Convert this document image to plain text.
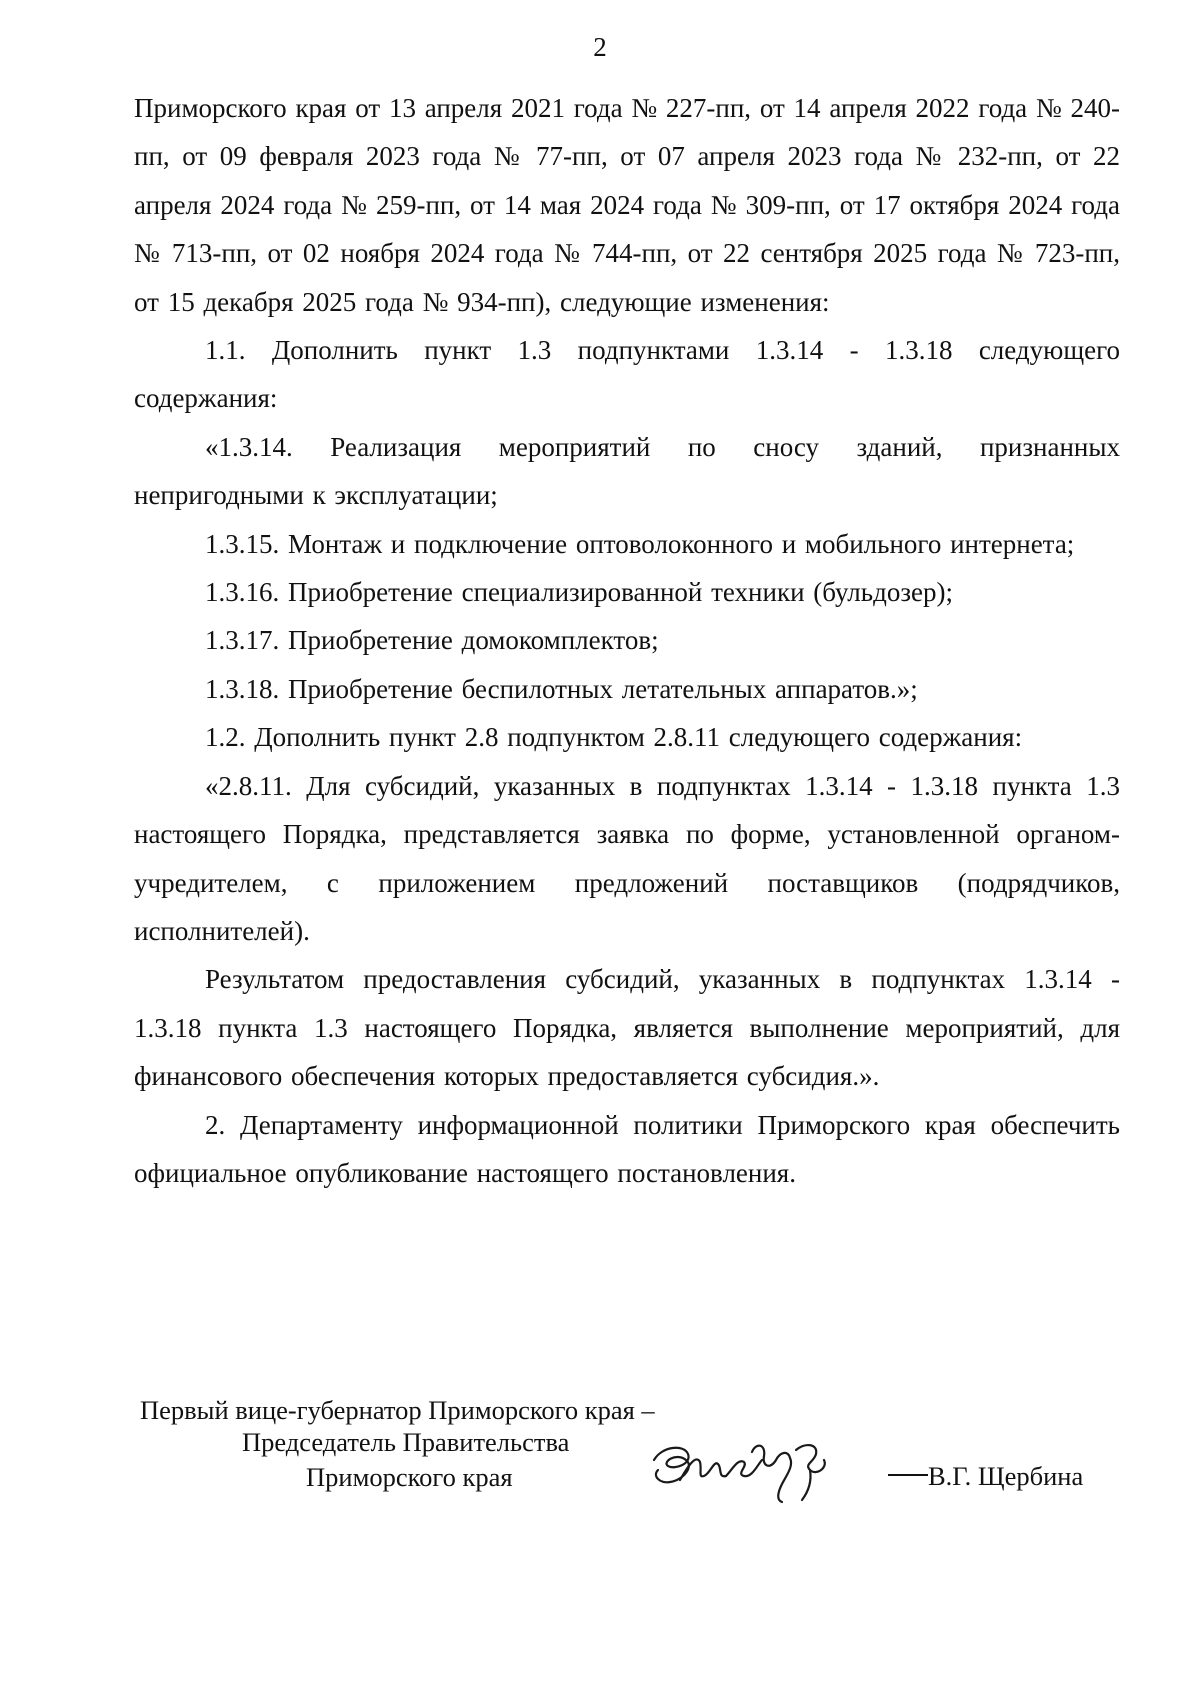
2

Приморского края от 13 апреля 2021 года № 227-пп, от 14 апреля 2022 года № 240-пп, от 09 февраля 2023 года № 77-пп, от 07 апреля 2023 года № 232-пп, от 22 апреля 2024 года № 259-пп, от 14 мая 2024 года № 309-пп, от 17 октября 2024 года № 713-пп, от 02 ноября 2024 года № 744-пп, от 22 сентября 2025 года № 723-пп, от 15 декабря 2025 года № 934-пп), следующие изменения:

1.1. Дополнить пункт 1.3 подпунктами 1.3.14 - 1.3.18 следующего содержания:

«1.3.14. Реализация мероприятий по сносу зданий, признанных непригодными к эксплуатации;

1.3.15. Монтаж и подключение оптоволоконного и мобильного интернета;

1.3.16. Приобретение специализированной техники (бульдозер);

1.3.17. Приобретение домокомплектов;

1.3.18. Приобретение беспилотных летательных аппаратов.»;

1.2. Дополнить пункт 2.8 подпунктом 2.8.11 следующего содержания:

«2.8.11. Для субсидий, указанных в подпунктах 1.3.14 - 1.3.18 пункта 1.3 настоящего Порядка, представляется заявка по форме, установленной органом-учредителем, с приложением предложений поставщиков (подрядчиков, исполнителей).

Результатом предоставления субсидий, указанных в подпунктах 1.3.14 - 1.3.18 пункта 1.3 настоящего Порядка, является выполнение мероприятий, для финансового обеспечения которых предоставляется субсидия.».

2. Департаменту информационной политики Приморского края обеспечить официальное опубликование настоящего постановления.

Первый вице-губернатор Приморского края –
Председатель Правительства
Приморского края	В.Г. Щербина
